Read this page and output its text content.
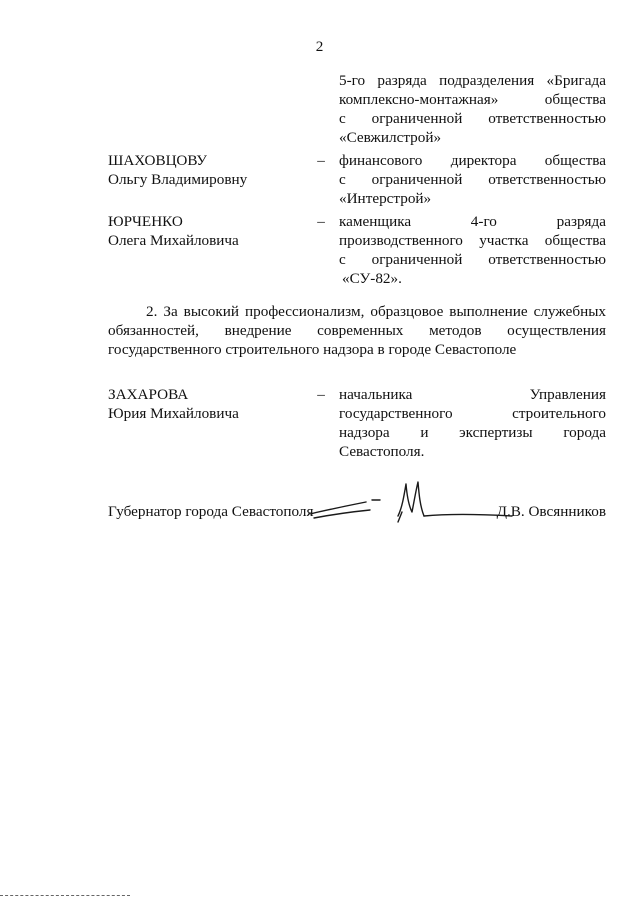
2
5-го разряда подразделения «Бригада
комплексно-монтажная» общества
с ограниченной ответственностью
«Севжилстрой»
ШАХОВЦОВУ
Ольгу Владимировну
– финансового директора общества
с ограниченной ответственностью
«Интерстрой»
ЮРЧЕНКО
Олега Михайловича
– каменщика 4-го разряда
производственного участка общества
с ограниченной ответственностью
«СУ-82».
2. За высокий профессионализм, образцовое выполнение служебных
обязанностей, внедрение современных методов осуществления
государственного строительного надзора в городе Севастополе
ЗАХАРОВА
Юрия Михайловича
– начальника Управления
государственного строительного
надзора и экспертизы города
Севастополя.
Губернатор города Севастополя	Д.В. Овсянников
